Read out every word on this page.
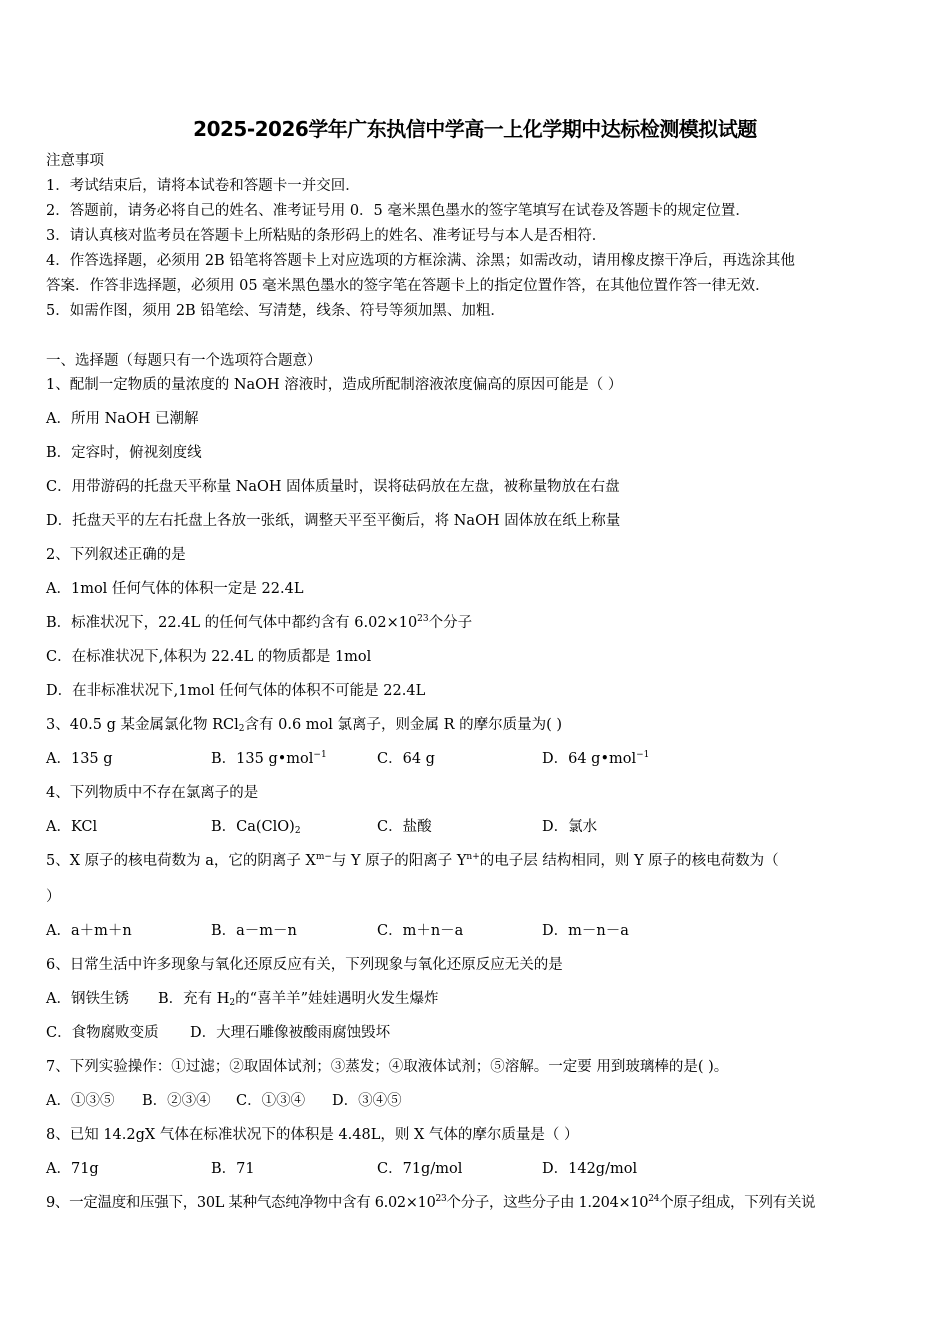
2025-2026学年广东执信中学高一上化学期中达标检测模拟试题
注意事项
1．考试结束后，请将本试卷和答题卡一并交回．
2．答题前，请务必将自己的姓名、准考证号用 0．5 毫米黑色墨水的签字笔填写在试卷及答题卡的规定位置．
3．请认真核对监考员在答题卡上所粘贴的条形码上的姓名、准考证号与本人是否相符．
4．作答选择题，必须用 2B 铅笔将答题卡上对应选项的方框涂满、涂黑；如需改动，请用橡皮擦干净后，再选涂其他
答案．作答非选择题，必须用 05 毫米黑色墨水的签字笔在答题卡上的指定位置作答，在其他位置作答一律无效．
5．如需作图，须用 2B 铅笔绘、写清楚，线条、符号等须加黑、加粗．
一、选择题（每题只有一个选项符合题意）
1、配制一定物质的量浓度的 NaOH 溶液时，造成所配制溶液浓度偏高的原因可能是（ ）
A．所用 NaOH 已潮解
B．定容时，俯视刻度线
C．用带游码的托盘天平称量 NaOH 固体质量时，误将砝码放在左盘，被称量物放在右盘
D．托盘天平的左右托盘上各放一张纸，调整天平至平衡后，将 NaOH 固体放在纸上称量
2、下列叙述正确的是
A．1mol 任何气体的体积一定是 22.4L
B．标准状况下，22.4L 的任何气体中都约含有 $6.02\times 10^{23}$个分子
C．在标准状况下,体积为 22.4L 的物质都是 1mol
D．在非标准状况下,1mol 任何气体的体积不可能是 22.4L
3、40.5 g 某金属氯化物 RCl$_2$含有 0.6 mol 氯离子，则金属 R 的摩尔质量为( )
A．135 g	B．135 g•mol$^{-1}$	C．64 g	D．64 g•mol$^{-1}$
4、下列物质中不存在氯离子的是
A．KCl	B．$Ca(ClO)_2$	C．盐酸	D．氯水
5、X 原子的核电荷数为 a，它的阴离子 $X^{m-}$与 Y 原子的阳离子 $Y^{n+}$的电子层 结构相同，则 Y 原子的核电荷数为（
）
A．a＋m＋n	B．a－m－n	C．m＋n－a	D．m－n－a
6、日常生活中许多现象与氧化还原反应有关，下列现象与氧化还原反应无关的是
A．钢铁生锈 B．充有 $H_2$的“喜羊羊”娃娃遇明火发生爆炸
C．食物腐败变质 D．大理石雕像被酸雨腐蚀毁坏
7、下列实验操作：①过滤；②取固体试剂；③蒸发；④取液体试剂；⑤溶解。一定要 用到玻璃棒的是( )。
A．①③⑤ B．②③④ C．①③④ D．③④⑤
8、已知 14.2gX 气体在标准状况下的体积是 4.48L，则 X 气体的摩尔质量是（ ）
A．71g	B．71	C．71g/mol	D．142g/mol
9、一定温度和压强下，30L 某种气态纯净物中含有 $6.02\times 10^{23}$个分子，这些分子由 $1.204\times 10^{24}$个原子组成，下列有关说
